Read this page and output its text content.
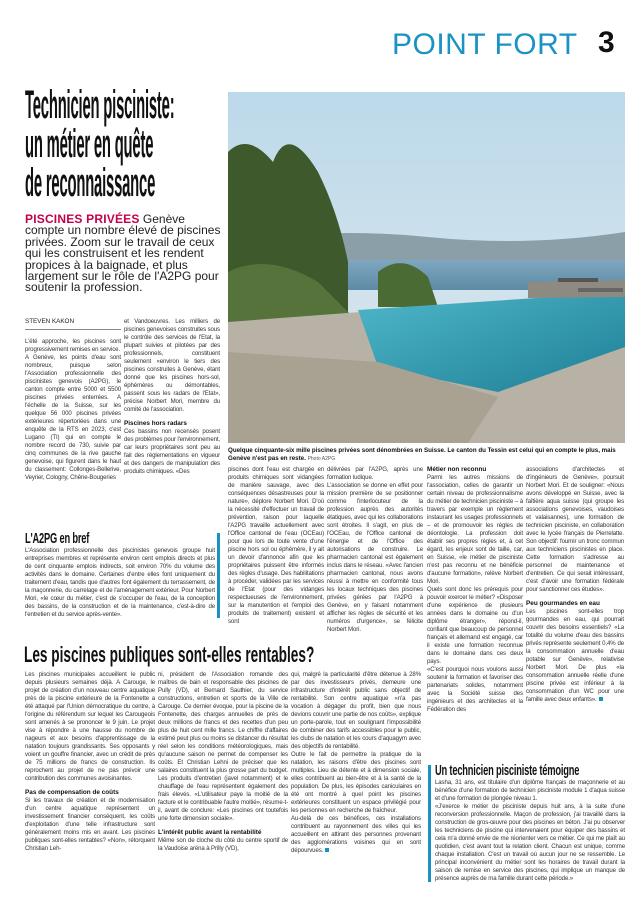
POINT FORT 3
Technicien pisciniste:
un métier en quête
de reconnaissance
PISCINES PRIVÉES Genève compte un nombre élevé de piscines privées. Zoom sur le travail de ceux qui les construisent et les rendent propices à la baignade, et plus largement sur le rôle de l'A2PG pour soutenir la profession.
Quelque cinquante-six mille piscines privées sont dénombrées en Suisse. Le canton du Tessin est celui qui en compte le plus, mais Genève n'est pas en reste. Photo A2PG
STEVEN KAKON

L'été approche, les piscines sont progressivement remises en service.

A Genève, les points d'eau sont nombreux, puisque selon l'Association professionnelle des piscinistes genevois (A2PG), le canton compte entre 5000 et 5500 piscines privées enterrées. A l'échelle de la Suisse, sur les quelque 56 000 piscines privées extérieures répertoriées dans une enquête de la RTS en 2023, c'est Lugano (TI) qui en compte le nombre record de 730, suivie par cinq communes de la rive gauche genevoise, qui figurent dans le haut du classement: Collonges-Bellerive, Veyrier, Cologny, Chêne-Bougeries

et Vandoeuvres. Les milliers de piscines genevoises construites sous le contrôle des services de l'Etat, la plupart suivies et pilotées par des professionnels, constituent seulement «environ le tiers des piscines construites à Genève, étant donné que les piscines hors-sol, éphémères ou démontables, passent sous les radars de l'Etat», précise Norbert Mori, membre du comité de l'association.

Piscines hors radars

Ces bassins non recensés posent des problèmes pour l'environnement, car leurs propriétaires sont peu au fait des réglementations en vigueur et des dangers de manipulation des produits chimiques. «Des	piscines dont l'eau est chargée en produits chimiques sont vidangées de manière sauvage, avec des conséquences désastreuses pour la nature», déplore Norbert Mori. D'où la nécessité d'effectuer un travail de prévention, raison pour laquelle l'A2PG travaille actuellement avec l'Office cantonal de l'eau (OCEau) pour que lors de toute vente d'une piscine hors sol ou éphémère, il y ait un devoir d'annonce afin que les propriétaires puissent être informés des règles d'usage. Des habilitations à procéder, validées par les services de l'Etat (pour des vidanges respectueuses de l'environnement, sur la manutention et l'emploi des produits de traitement) existent et sont

délivrées par l'A2PG, après une formation ludique.

L'association se donne en effet pour mission première de se positionner comme l'interlocuteur de la profession auprès des autorités étatiques, avec qui les collaborations sont étroites. Il s'agit, en plus de l'OCEau, de l'Office cantonal de l'énergie et de l'Office des autorisations de construire. Le pharmacien cantonal est également inclus dans le réseau. «Avec l'ancien pharmacien cantonal, nous avons réussi à mettre en conformité tous les locaux techniques des piscines privées gérées par l'A2PG à Genève, en y faisant notamment afficher les règles de sécurité et les numéros d'urgence», se félicite Norbert Mori.

Métier non reconnu

Parmi les autres missions de l'association, celles de garantir un certain niveau de professionnalisme du métier de technicien pisciniste – à travers par exemple un règlement instaurant les usages professionnels – et de promouvoir les règles de déontologie. La profession doit établir ses propres règles et, à cet égard, les enjeux sont de taille, car, en Suisse, «le métier de pisciniste n'est pas reconnu et ne bénéficie d'aucune formation», relève Norbert Mori.

Quels sont donc les prérequis pour pouvoir exercer le métier? «Disposer d'une expérience de plusieurs années dans le domaine ou d'un diplôme étranger», répond-il, confiant que beaucoup de personnel français et allemand est engagé, car il existe une formation reconnue dans le domaine dans ces deux pays.

«C'est pourquoi nous voulons aussi soutenir la formation et favoriser des partenariats solides, notamment avec la Société suisse des ingénieurs et des architectes et la Fédération des

associations d'architectes et d'ingénieurs de Genève», poursuit Norbert Mori. Et de souligner: «Nous avons développé en Suisse, avec la faîtière aqua suisse (qui groupe les associations genevoises, vaudoises et valaisannes), une formation de technicien pisciniste, en collaboration avec le lycée français de Pierrelatte. Son objectif: fournir un tronc commun aux techniciens piscinistes en place. Cette formation s'adresse au personnel de maintenance et d'entretien. Ce qui serait intéressant, c'est d'avoir une formation fédérale pour sanctionner ces études».

Peu gourmandes en eau

Les piscines sont-elles trop gourmandes en eau, qui pourrait couvrir des besoins essentiels? «La totalité du volume d'eau des bassins privés représente seulement 0,4% de la consommation annuelle d'eau potable sur Genève», relativise Norbert Mori. De plus «la consommation annuelle réelle d'une piscine privée est inférieur à la consommation d'un WC pour une famille avec deux enfants».

L'A2PG en bref
L'Association professionnelle des piscinistes genevois groupe huit entreprises membres et représente environ cent emplois directs et plus de cent cinquante emplois indirects, soit environ 70% du volume des activités dans le domaine. Certaines d'entre elles font uniquement du traitement d'eau, tandis que d'autres font également du terrassement, de la maçonnerie, du carrelage et de l'aménagement extérieur. Pour Norbert Mori, «le cœur du métier, c'est de s'occuper de l'eau, de la conception des bassins, de la construction et de la maintenance, c'est-à-dire de l'entretien et du service après-vente».
Les piscines publiques sont-elles rentables?

Les piscines municipales accueillent le public depuis plusieurs semaines déjà. A Carouge, le projet de création d'un nouveau centre aquatique près de la piscine extérieure de la Fontenette a été attaqué par l'Union démocratique du centre, à l'origine du référendum sur lequel les Carougeois sont amenés à se prononcer le 9 juin. Le projet vise à répondre à une hausse du nombre de nageurs et aux besoins d'apprentissage de la natation toujours grandissants. Ses opposants y voient un gouffre financier, avec un crédit de près de 75 millions de francs de construction. Ils reprochent au projet de ne pas prévoir une contribution des communes avoisinantes.

Pas de compensation de coûts

Si les travaux de création et de modernisation d'un centre aquatique représentent un investissement financier conséquent, les coûts d'exploitation d'une telle infrastructure sont généralement moins mis en avant. Les piscines publiques sont-elles rentables? «Non», rétorquent Christian Leh-

ni, président de l'Association romande des maîtres de bain et responsable des piscines de Pully (VD), et Bernard Sauthier, du service constructions, entretien et sports de la Ville de Carouge. Ce dernier évoque, pour la piscine de la Fontenette, des charges annuelles de près de deux millions de francs et des recettes d'un peu plus de huit cent mille francs. Le chiffre d'affaires estimé peut plus ou moins se distancer du résultat réel selon les conditions météorologiques, mais qu'aucune saison ne permet de compenser les coûts. Et Christian Lehni de préciser que les salaires constituent la plus grosse part du budget. Les produits d'entretien (javel notamment) et le chauffage de l'eau représentent également des frais élevés. «L'utilisateur paye la moitié de la facture et le contribuable l'autre moitié», résume-t-il, avant de conclure: «Les piscines ont toutefois une forte dimension sociale».

L'intérêt public avant la rentabilité

Même son de cloche du côté du centre sportif de la Vaudoise aréna à Prilly (VD),

qui, malgré la particularité d'être détenue à 28% par des investisseurs privés, demeure une infrastructure d'intérêt public sans objectif de rentabilité. Son centre aquatique «n'a pas vocation à dégager du profit, bien que nous devions couvrir une partie de nos coûts», explique un porte-parole, tout en soulignant l'impossibilité de combiner des tarifs accessibles pour le public, les clubs de natation et les cours d'aquagym avec des objectifs de rentabilité.

Outre le fait de permettre la pratique de la natation, les raisons d'être des piscines sont multiples. Lieu de détente et à dimension sociale, elles contribuent au bien-être et à la santé de la population. De plus, les épisodes caniculaires en été ont montré à quel point les piscines extérieures constituent un espace privilégié pour les personnes en recherche de fraîcheur.

Au-delà de ces bénéfices, ces installations contribuent au rayonnement des villes qui les accueillent en attirant des personnes provenant des agglomérations voisines qui en sont dépourvues.

Un technicien pisciniste témoigne

Lasha, 31 ans, est titulaire d'un diplôme français de maçonnerie et au bénéfice d'une formation de technicien pisciniste module 1 d'aqua suisse et d'une formation de plongée niveau 1.

«J'exerce le métier de pisciniste depuis huit ans, à la suite d'une reconversion professionnelle. Maçon de profession, j'ai travaillé dans la construction de gros-œuvre pour des piscines en béton. J'ai pu observer les techniciens de piscine qui intervenaient pour équiper des bassins et cela m'a donné envie de me réorienter vers ce métier. Ce qui me plaît au quotidien, c'est avant tout la relation client. Chacun est unique, comme chaque installation. C'est un travail où aucun jour ne se ressemble. Le principal inconvénient du métier sont les horaires de travail durant la saison de remise en service des piscines, qui implique un manque de présence auprès de ma famille durant cette période.»
